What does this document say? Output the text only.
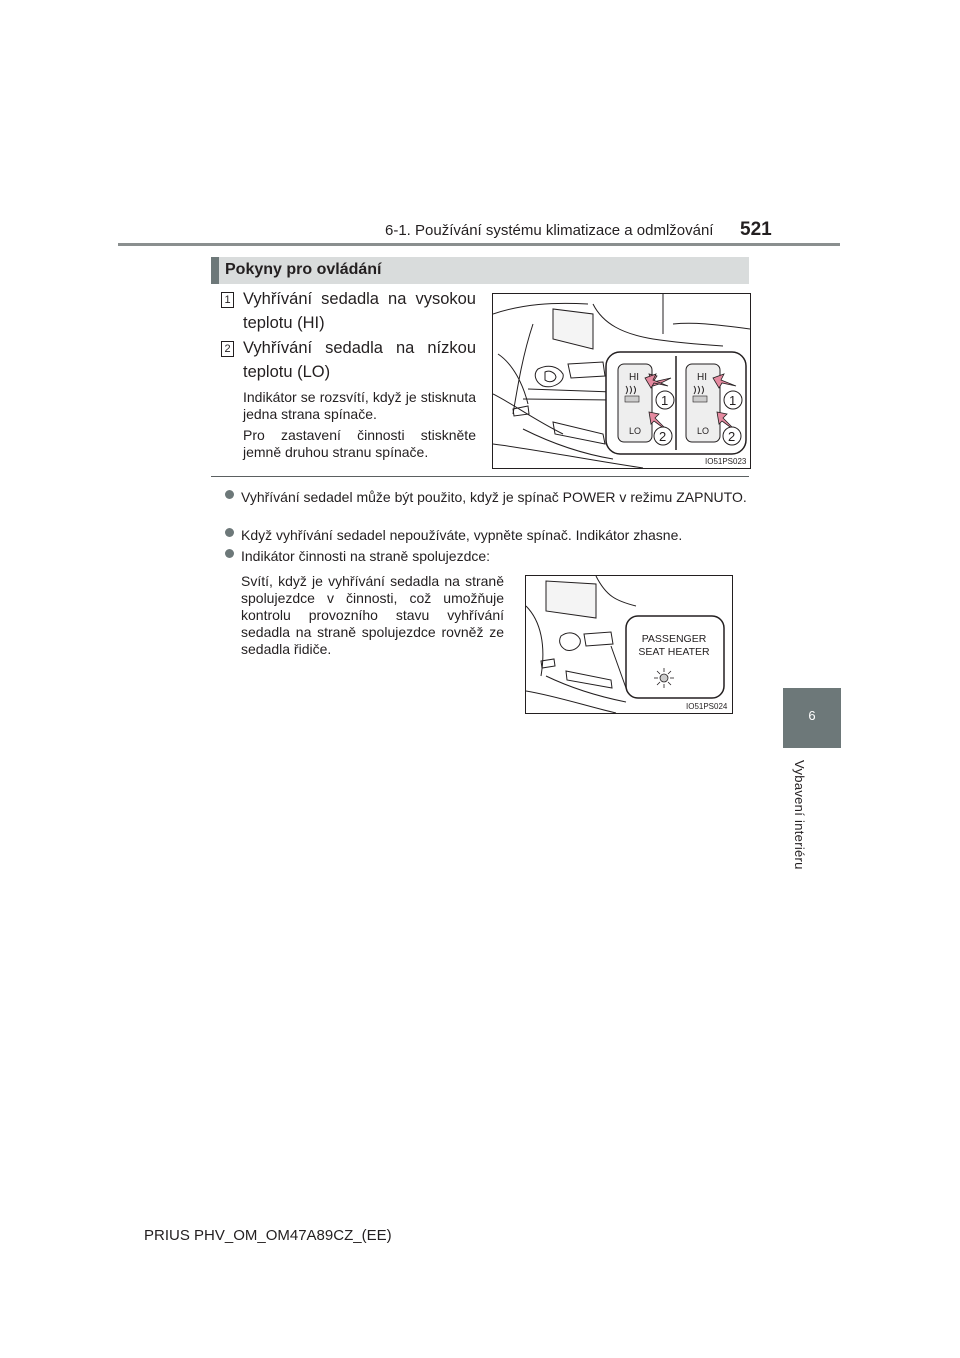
6-1. Používání systému klimatizace a odmlžování 521
6
Vybavení interiéru
Pokyny pro ovládání
1 Vyhřívání sedadla na vysokou teplotu (HI)
2 Vyhřívání sedadla na nízkou teplotu (LO)
Indikátor se rozsvítí, když je stisknuta jedna strana spínače.
Pro zastavení činnosti stiskněte jemně druhou stranu spínače.
HI
LO
HI
LO
1
2
1
2
IO51PS023
Vyhřívání sedadel může být použito, když je spínač POWER v režimu ZAPNUTO.
Když vyhřívání sedadel nepoužíváte, vypněte spínač. Indikátor zhasne.
Indikátor činnosti na straně spolujezdce:
Svítí, když je vyhřívání sedadla na straně spolujezdce v činnosti, což umožňuje kontrolu provozního stavu vyhřívání sedadla na straně spolujezdce rovněž ze sedadla řidiče.
PASSENGER
SEAT HEATER
IO51PS024
PRIUS PHV_OM_OM47A89CZ_(EE)
